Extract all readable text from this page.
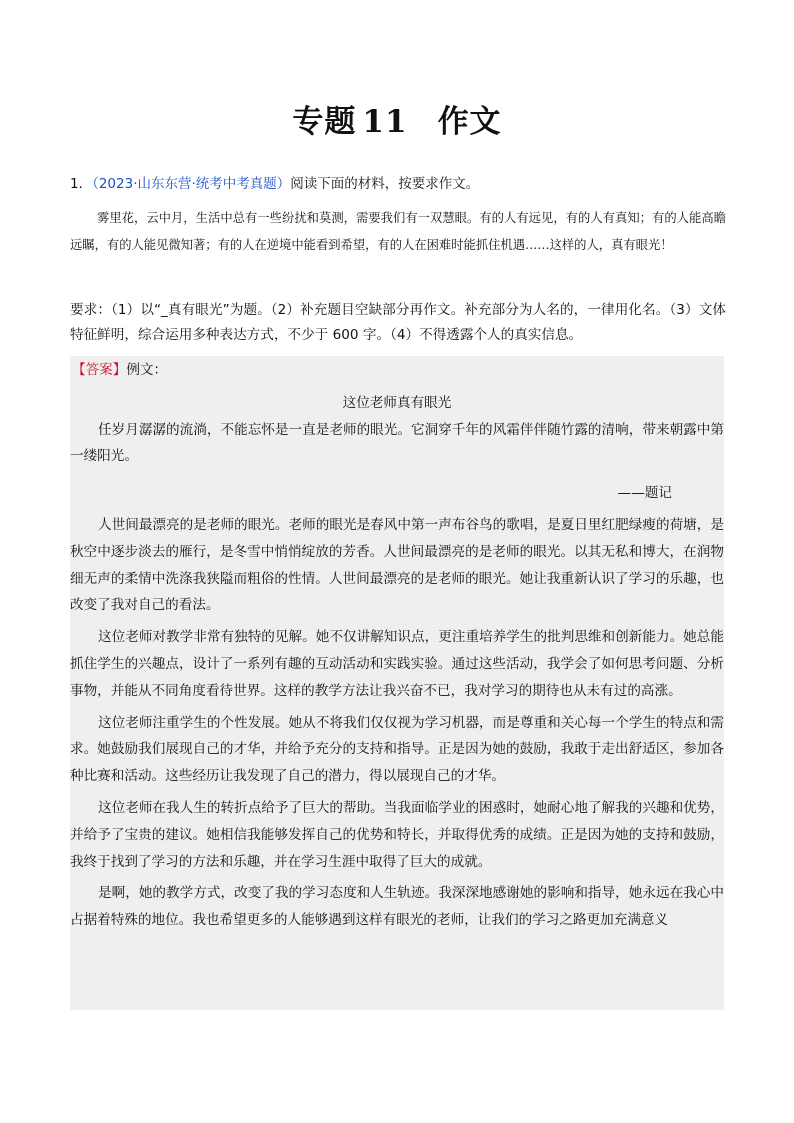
专题 11 作文
1．（2023·山东东营·统考中考真题）阅读下面的材料，按要求作文。
雾里花，云中月，生活中总有一些纷扰和莫测，需要我们有一双慧眼。有的人有远见，有的人有真知；有的人能高瞻远瞩，有的人能见微知著；有的人在逆境中能看到希望，有的人在困难时能抓住机遇……这样的人，真有眼光！
要求：（1）以“_真有眼光”为题。（2）补充题目空缺部分再作文。补充部分为人名的，一律用化名。（3）文体特征鲜明，综合运用多种表达方式，不少于 600 字。（4）不得透露个人的真实信息。
【答案】例文：
这位老师真有眼光
任岁月潺潺的流淌，不能忘怀是一直是老师的眼光。它洞穿千年的风霜伴伴随竹露的清响，带来朝露中第一缕阳光。
——题记

人世间最漂亮的是老师的眼光。老师的眼光是春风中第一声布谷鸟的歌唱，是夏日里红肥绿瘦的荷塘，是秋空中逐步淡去的雁行，是冬雪中悄悄绽放的芳香。人世间最漂亮的是老师的眼光。以其无私和博大，在润物细无声的柔情中洗涤我狭隘而粗俗的性情。人世间最漂亮的是老师的眼光。她让我重新认识了学习的乐趣，也改变了我对自己的看法。

这位老师对教学非常有独特的见解。她不仅讲解知识点，更注重培养学生的批判思维和创新能力。她总能抓住学生的兴趣点，设计了一系列有趣的互动活动和实践实验。通过这些活动，我学会了如何思考问题、分析事物，并能从不同角度看待世界。这样的教学方法让我兴奋不已，我对学习的期待也从未有过的高涨。

这位老师注重学生的个性发展。她从不将我们仅仅视为学习机器，而是尊重和关心每一个学生的特点和需求。她鼓励我们展现自己的才华，并给予充分的支持和指导。正是因为她的鼓励，我敢于走出舒适区，参加各种比赛和活动。这些经历让我发现了自己的潜力，得以展现自己的才华。

这位老师在我人生的转折点给予了巨大的帮助。当我面临学业的困惑时，她耐心地了解我的兴趣和优势，并给予了宝贵的建议。她相信我能够发挥自己的优势和特长，并取得优秀的成绩。正是因为她的支持和鼓励，我终于找到了学习的方法和乐趣，并在学习生涯中取得了巨大的成就。

是啊，她的教学方式，改变了我的学习态度和人生轨迹。我深深地感谢她的影响和指导，她永远在我心中占据着特殊的地位。我也希望更多的人能够遇到这样有眼光的老师，让我们的学习之路更加充满意义
